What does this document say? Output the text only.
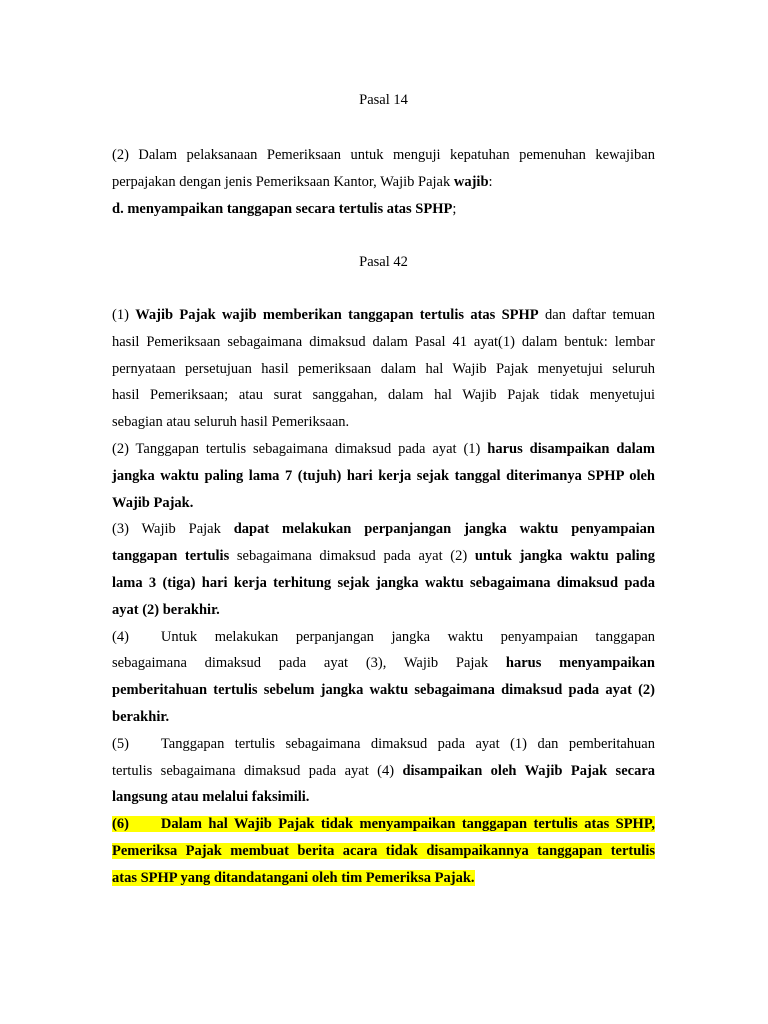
Pasal 14
(2) Dalam pelaksanaan Pemeriksaan untuk menguji kepatuhan pemenuhan kewajiban
perpajakan dengan jenis Pemeriksaan Kantor, Wajib Pajak wajib:
d. menyampaikan tanggapan secara tertulis atas SPHP;
Pasal 42
(1) Wajib Pajak wajib memberikan tanggapan tertulis atas SPHP dan daftar temuan
hasil Pemeriksaan sebagaimana dimaksud dalam Pasal 41 ayat(1) dalam bentuk: lembar
pernyataan persetujuan hasil pemeriksaan dalam hal Wajib Pajak menyetujui seluruh
hasil Pemeriksaan; atau surat sanggahan, dalam hal Wajib Pajak tidak menyetujui
sebagian atau seluruh hasil Pemeriksaan.
(2) Tanggapan tertulis sebagaimana dimaksud pada ayat (1) harus disampaikan dalam
jangka waktu paling lama 7 (tujuh) hari kerja sejak tanggal diterimanya SPHP oleh
Wajib Pajak.
(3) Wajib Pajak dapat melakukan perpanjangan jangka waktu penyampaian
tanggapan tertulis sebagaimana dimaksud pada ayat (2) untuk jangka waktu paling
lama 3 (tiga) hari kerja terhitung sejak jangka waktu sebagaimana dimaksud pada
ayat (2) berakhir.
(4) Untuk melakukan perpanjangan jangka waktu penyampaian tanggapan
sebagaimana dimaksud pada ayat (3), Wajib Pajak harus menyampaikan
pemberitahuan tertulis sebelum jangka waktu sebagaimana dimaksud pada ayat (2)
berakhir.
(5) Tanggapan tertulis sebagaimana dimaksud pada ayat (1) dan pemberitahuan
tertulis sebagaimana dimaksud pada ayat (4) disampaikan oleh Wajib Pajak secara
langsung atau melalui faksimili.
(6) Dalam hal Wajib Pajak tidak menyampaikan tanggapan tertulis atas SPHP,
Pemeriksa Pajak membuat berita acara tidak disampaikannya tanggapan tertulis
atas SPHP yang ditandatangani oleh tim Pemeriksa Pajak.
